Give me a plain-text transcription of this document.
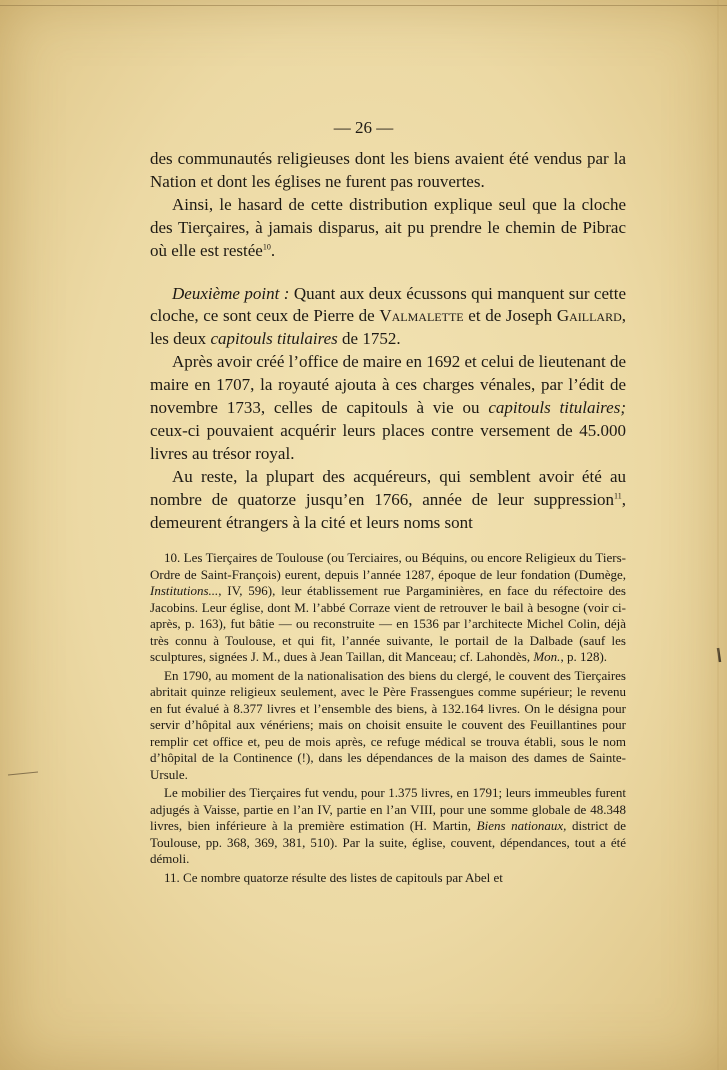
— 26 —

des communautés religieuses dont les biens avaient été vendus par la Nation et dont les églises ne furent pas rouvertes.

Ainsi, le hasard de cette distribution explique seul que la cloche des Tierçaires, à jamais disparus, ait pu prendre le chemin de Pibrac où elle est restée$^{10}$.

Deuxième point : Quant aux deux écussons qui manquent sur cette cloche, ce sont ceux de Pierre de Valmalette et de Joseph Gaillard, les deux capitouls titulaires de 1752.

Après avoir créé l’office de maire en 1692 et celui de lieutenant de maire en 1707, la royauté ajouta à ces charges vénales, par l’édit de novembre 1733, celles de capitouls à vie ou capitouls titulaires; ceux-ci pouvaient acquérir leurs places contre versement de 45.000 livres au trésor royal.

Au reste, la plupart des acquéreurs, qui semblent avoir été au nombre de quatorze jusqu’en 1766, année de leur suppression$^{11}$, demeurent étrangers à la cité et leurs noms sont

10. Les Tierçaires de Toulouse (ou Terciaires, ou Béquins, ou encore Religieux du Tiers-Ordre de Saint-François) eurent, depuis l’année 1287, époque de leur fondation (Dumège, Institutions..., IV, 596), leur établissement rue Pargaminières, en face du réfectoire des Jacobins. Leur église, dont M. l’abbé Corraze vient de retrouver le bail à besogne (voir ci-après, p. 163), fut bâtie — ou reconstruite — en 1536 par l’architecte Michel Colin, déjà très connu à Toulouse, et qui fit, l’année suivante, le portail de la Dalbade (sauf les sculptures, signées J. M., dues à Jean Taillan, dit Manceau; cf. Lahondès, Mon., p. 128).

En 1790, au moment de la nationalisation des biens du clergé, le couvent des Tierçaires abritait quinze religieux seulement, avec le Père Frassengues comme supérieur; le revenu en fut évalué à 8.377 livres et l’ensemble des biens, à 132.164 livres. On le désigna pour servir d’hôpital aux vénériens; mais on choisit ensuite le couvent des Feuillantines pour remplir cet office et, peu de mois après, ce refuge médical se trouva établi, sous le nom d’hôpital de la Continence (!), dans les dépendances de la maison des dames de Sainte-Ursule.

Le mobilier des Tierçaires fut vendu, pour 1.375 livres, en 1791; leurs immeubles furent adjugés à Vaisse, partie en l’an IV, partie en l’an VIII, pour une somme globale de 48.348 livres, bien inférieure à la première estimation (H. Martin, Biens nationaux, district de Toulouse, pp. 368, 369, 381, 510). Par la suite, église, couvent, dépendances, tout a été démoli.

11. Ce nombre quatorze résulte des listes de capitouls par Abel et
